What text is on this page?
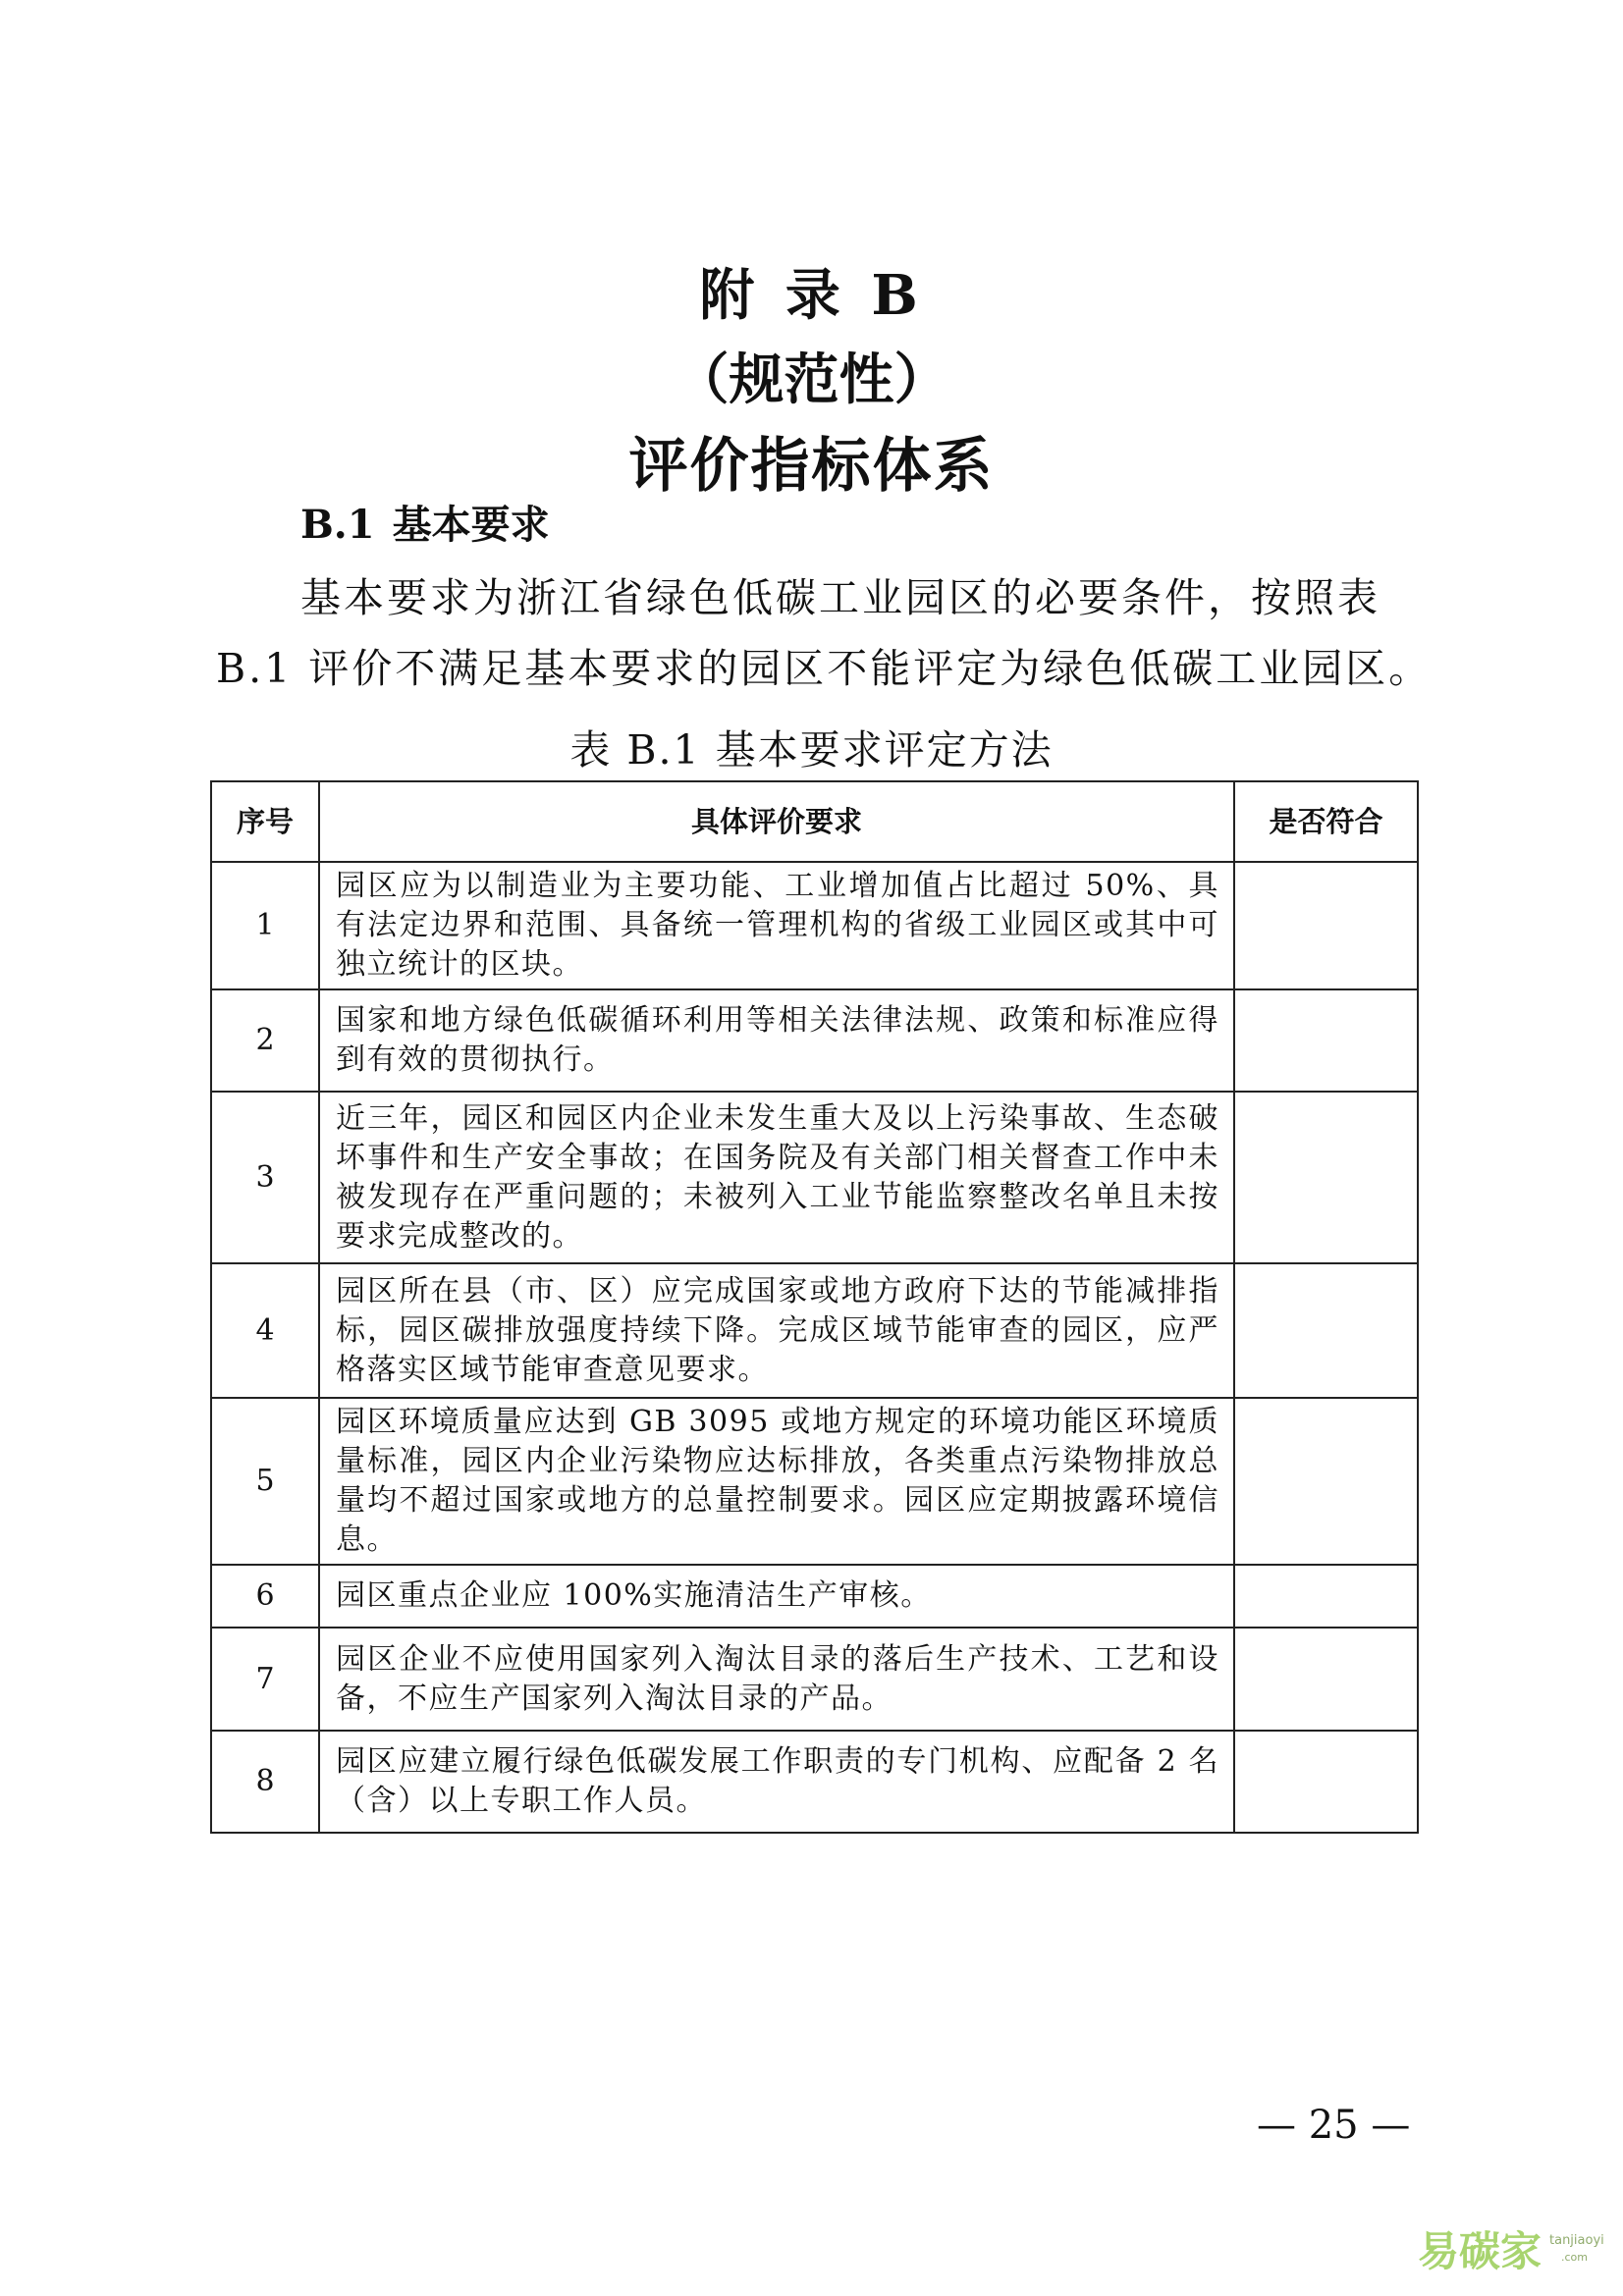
附 录 B
（规范性）
评价指标体系
B.1 基本要求
基本要求为浙江省绿色低碳工业园区的必要条件，按照表
B.1 评价不满足基本要求的园区不能评定为绿色低碳工业园区。
表 B.1 基本要求评定方法
序号	具体评价要求	是否符合
1	园区应为以制造业为主要功能、工业增加值占比超过 50%、具有法定边界和范围、具备统一管理机构的省级工业园区或其中可独立统计的区块。	
2	国家和地方绿色低碳循环利用等相关法律法规、政策和标准应得到有效的贯彻执行。	
3	近三年，园区和园区内企业未发生重大及以上污染事故、生态破坏事件和生产安全事故；在国务院及有关部门相关督查工作中未被发现存在严重问题的；未被列入工业节能监察整改名单且未按要求完成整改的。	
4	园区所在县（市、区）应完成国家或地方政府下达的节能减排指标，园区碳排放强度持续下降。完成区域节能审查的园区，应严格落实区域节能审查意见要求。	
5	园区环境质量应达到 GB 3095 或地方规定的环境功能区环境质量标准，园区内企业污染物应达标排放，各类重点污染物排放总量均不超过国家或地方的总量控制要求。园区应定期披露环境信息。	
6	园区重点企业应 100%实施清洁生产审核。	
7	园区企业不应使用国家列入淘汰目录的落后生产技术、工艺和设备，不应生产国家列入淘汰目录的产品。	
8	园区应建立履行绿色低碳发展工作职责的专门机构、应配备 2 名（含）以上专职工作人员。	
— 25 —
易碳家 tanjiaoyi
.com
